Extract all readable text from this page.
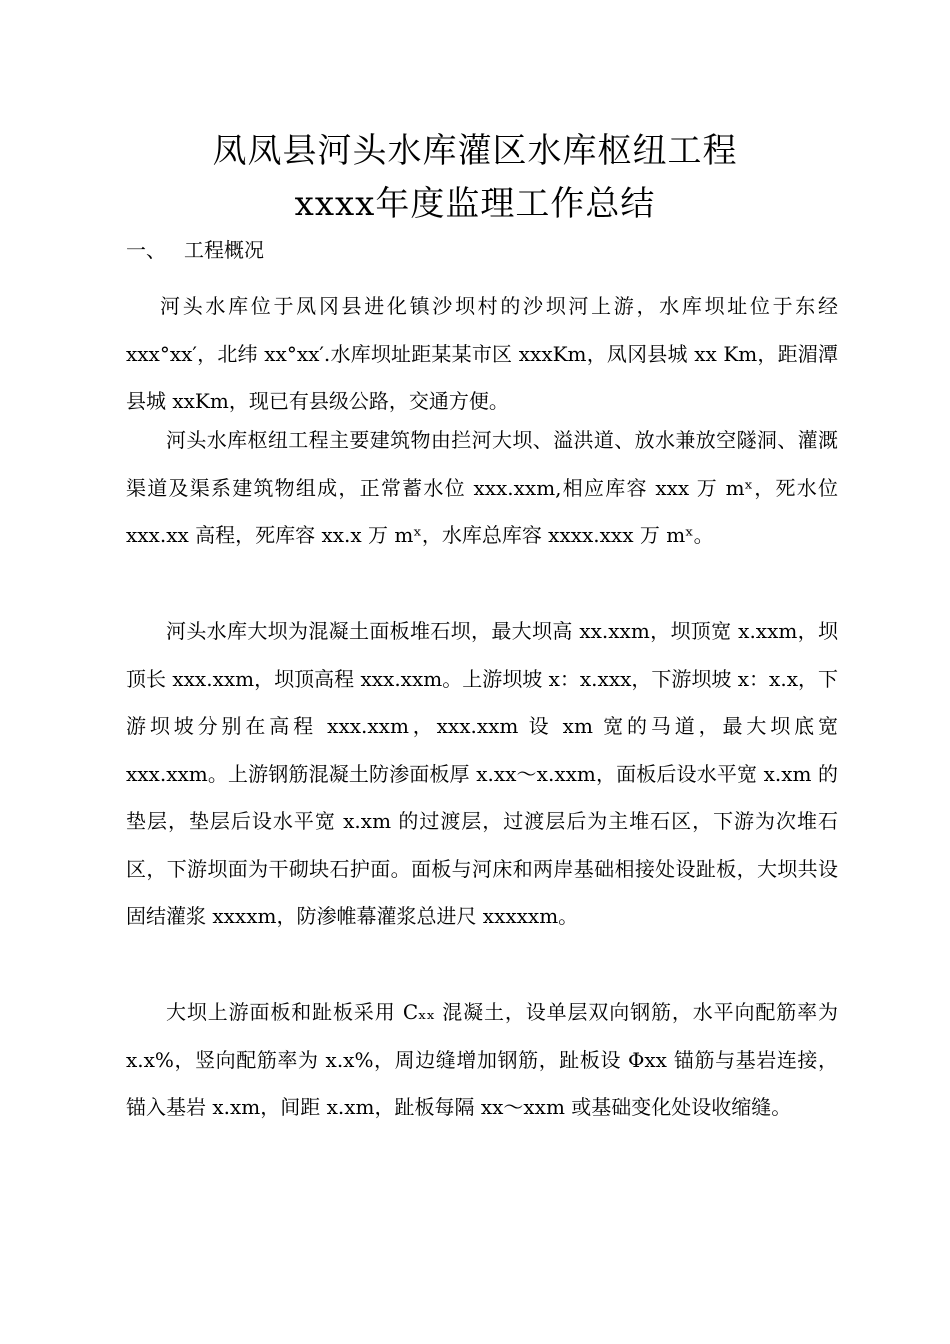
凤凤县河头水库灌区水库枢纽工程
xxxx年度监理工作总结
一、 工程概况

河头水库位于凤冈县进化镇沙坝村的沙坝河上游，水库坝址位于东经xxx°xx′，北纬 xx°xx′.水库坝址距某某市区 xxxKm，凤冈县城 xx Km，距湄潭县城 xxKm，现已有县级公路，交通方便。

河头水库枢纽工程主要建筑物由拦河大坝、溢洪道、放水兼放空隧洞、灌溉渠道及渠系建筑物组成，正常蓄水位 xxx.xxm,相应库容 xxx 万 mˣ，死水位 xxx.xx 高程，死库容 xx.x 万 mˣ，水库总库容 xxxx.xxx 万 mˣ。

河头水库大坝为混凝土面板堆石坝，最大坝高 xx.xxm，坝顶宽 x.xxm，坝顶长 xxx.xxm，坝顶高程 xxx.xxm。上游坝坡 x：x.xxx，下游坝坡 x：x.x，下游坝坡分别在高程 xxx.xxm，xxx.xxm 设 xm 宽的马道，最大坝底宽 xxx.xxm。上游钢筋混凝土防渗面板厚 x.xx～x.xxm，面板后设水平宽 x.xm 的垫层，垫层后设水平宽 x.xm 的过渡层，过渡层后为主堆石区，下游为次堆石区，下游坝面为干砌块石护面。面板与河床和两岸基础相接处设趾板，大坝共设固结灌浆 xxxxm，防渗帷幕灌浆总进尺 xxxxxm。

大坝上游面板和趾板采用 Cₓₓ 混凝土，设单层双向钢筋，水平向配筋率为 x.x%，竖向配筋率为 x.x%，周边缝增加钢筋，趾板设 Φxx 锚筋与基岩连接，锚入基岩 x.xm，间距 x.xm，趾板每隔 xx～xxm 或基础变化处设收缩缝。
